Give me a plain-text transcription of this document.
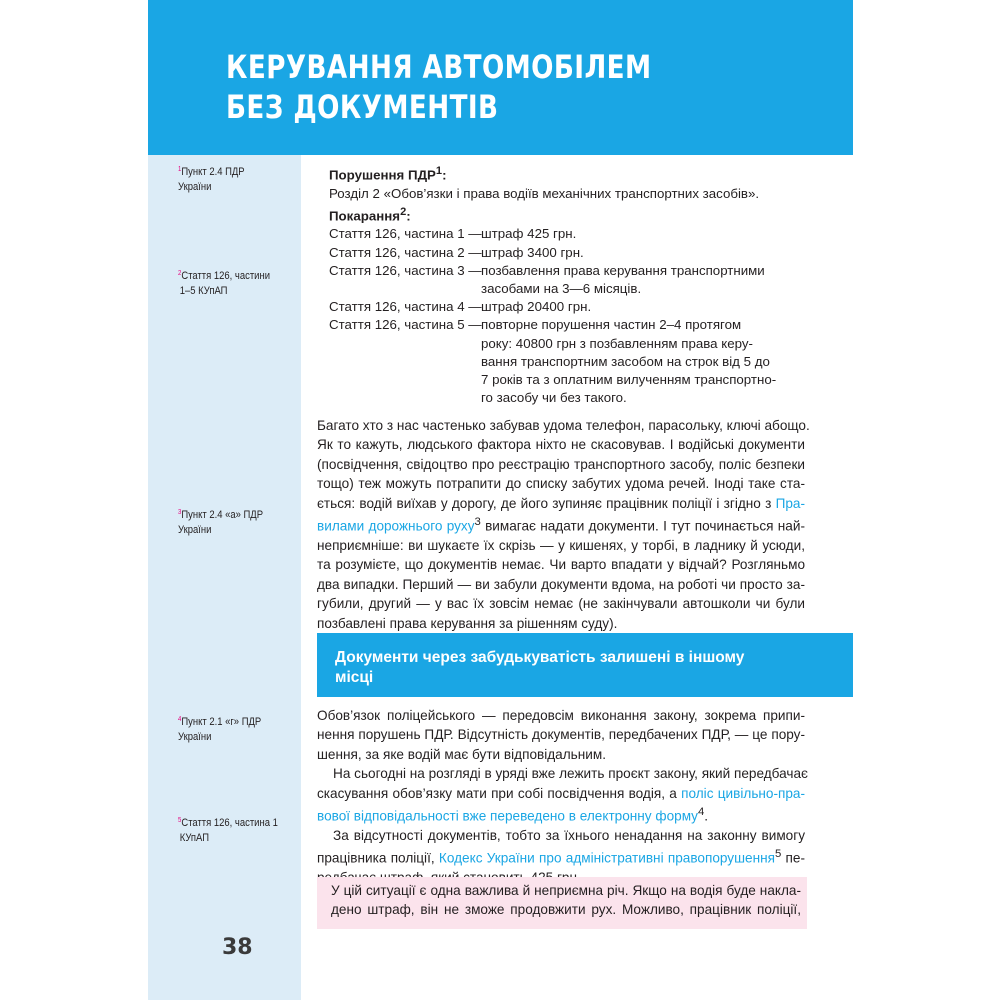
КЕРУВАННЯ АВТОМОБІЛЕМ
БЕЗ ДОКУМЕНТІВ
$^1$Пункт 2.4 ПДР України
$^2$Стаття 126, частини
1–5 КУпАП
$^3$Пункт 2.4 «а» ПДР України
$^4$Пункт 2.1 «г» ПДР України
$^5$Стаття 126, частина 1
КУпАП
Порушення ПДР$^1$:
Розділ 2 «Обов’язки і права водіїв механічних транспортних засобів».
Покарання$^2$:
Стаття 126, частина 1 — штраф 425 грн.
Стаття 126, частина 2 — штраф 3400 грн.
Стаття 126, частина 3 — позбавлення права керування транспортними
засобами на 3—6 місяців.
Стаття 126, частина 4 — штраф 20400 грн.
Стаття 126, частина 5 — повторне порушення частин 2–4 протягом
року: 40800 грн з позбавленням права керу-
вання транспортним засобом на строк від 5 до
7 років та з оплатним вилученням транспортно-
го засобу чи без такого.
Багато хто з нас частенько забував удома телефон, парасольку, ключі абощо.
Як то кажуть, людського фактора ніхто не скасовував. І водійські документи
(посвідчення, свідоцтво про реєстрацію транспортного засобу, поліс безпеки
тощо) теж можуть потрапити до списку забутих удома речей. Іноді таке ста-
ється: водій виїхав у дорогу, де його зупиняє працівник поліції і згідно з Пра-
вилами дорожнього руху$^3$ вимагає надати документи. І тут починається най-
неприємніше: ви шукаєте їх скрізь — у кишенях, у торбі, в ладнику й усюди,
та розумієте, що документів немає. Чи варто впадати у відчай? Розгляньмо
два випадки. Перший — ви забули документи вдома, на роботі чи просто за-
губили, другий — у вас їх зовсім немає (не закінчували автошколи чи були
позбавлені права керування за рішенням суду).
Документи через забудькуватість залишені в іншому
місці
Обов’язок поліцейського — передовсім виконання закону, зокрема припи-
нення порушень ПДР. Відсутність документів, передбачених ПДР, — це пору-
шення, за яке водій має бути відповідальним.
На сьогодні на розгляді в уряді вже лежить проєкт закону, який передбачає
скасування обов’язку мати при собі посвідчення водія, а поліс цивільно-пра-
вової відповідальності вже переведено в електронну форму$^4$.
За відсутності документів, тобто за їхнього ненадання на законну вимогу
працівника поліції, Кодекс України про адміністративні правопорушення$^5$ пе-
У цій ситуації є одна важлива й неприємна річ. Якщо на водія буде наклa-
дено штраф, він не зможе продовжити рух. Можливо, працівник поліції,
38
